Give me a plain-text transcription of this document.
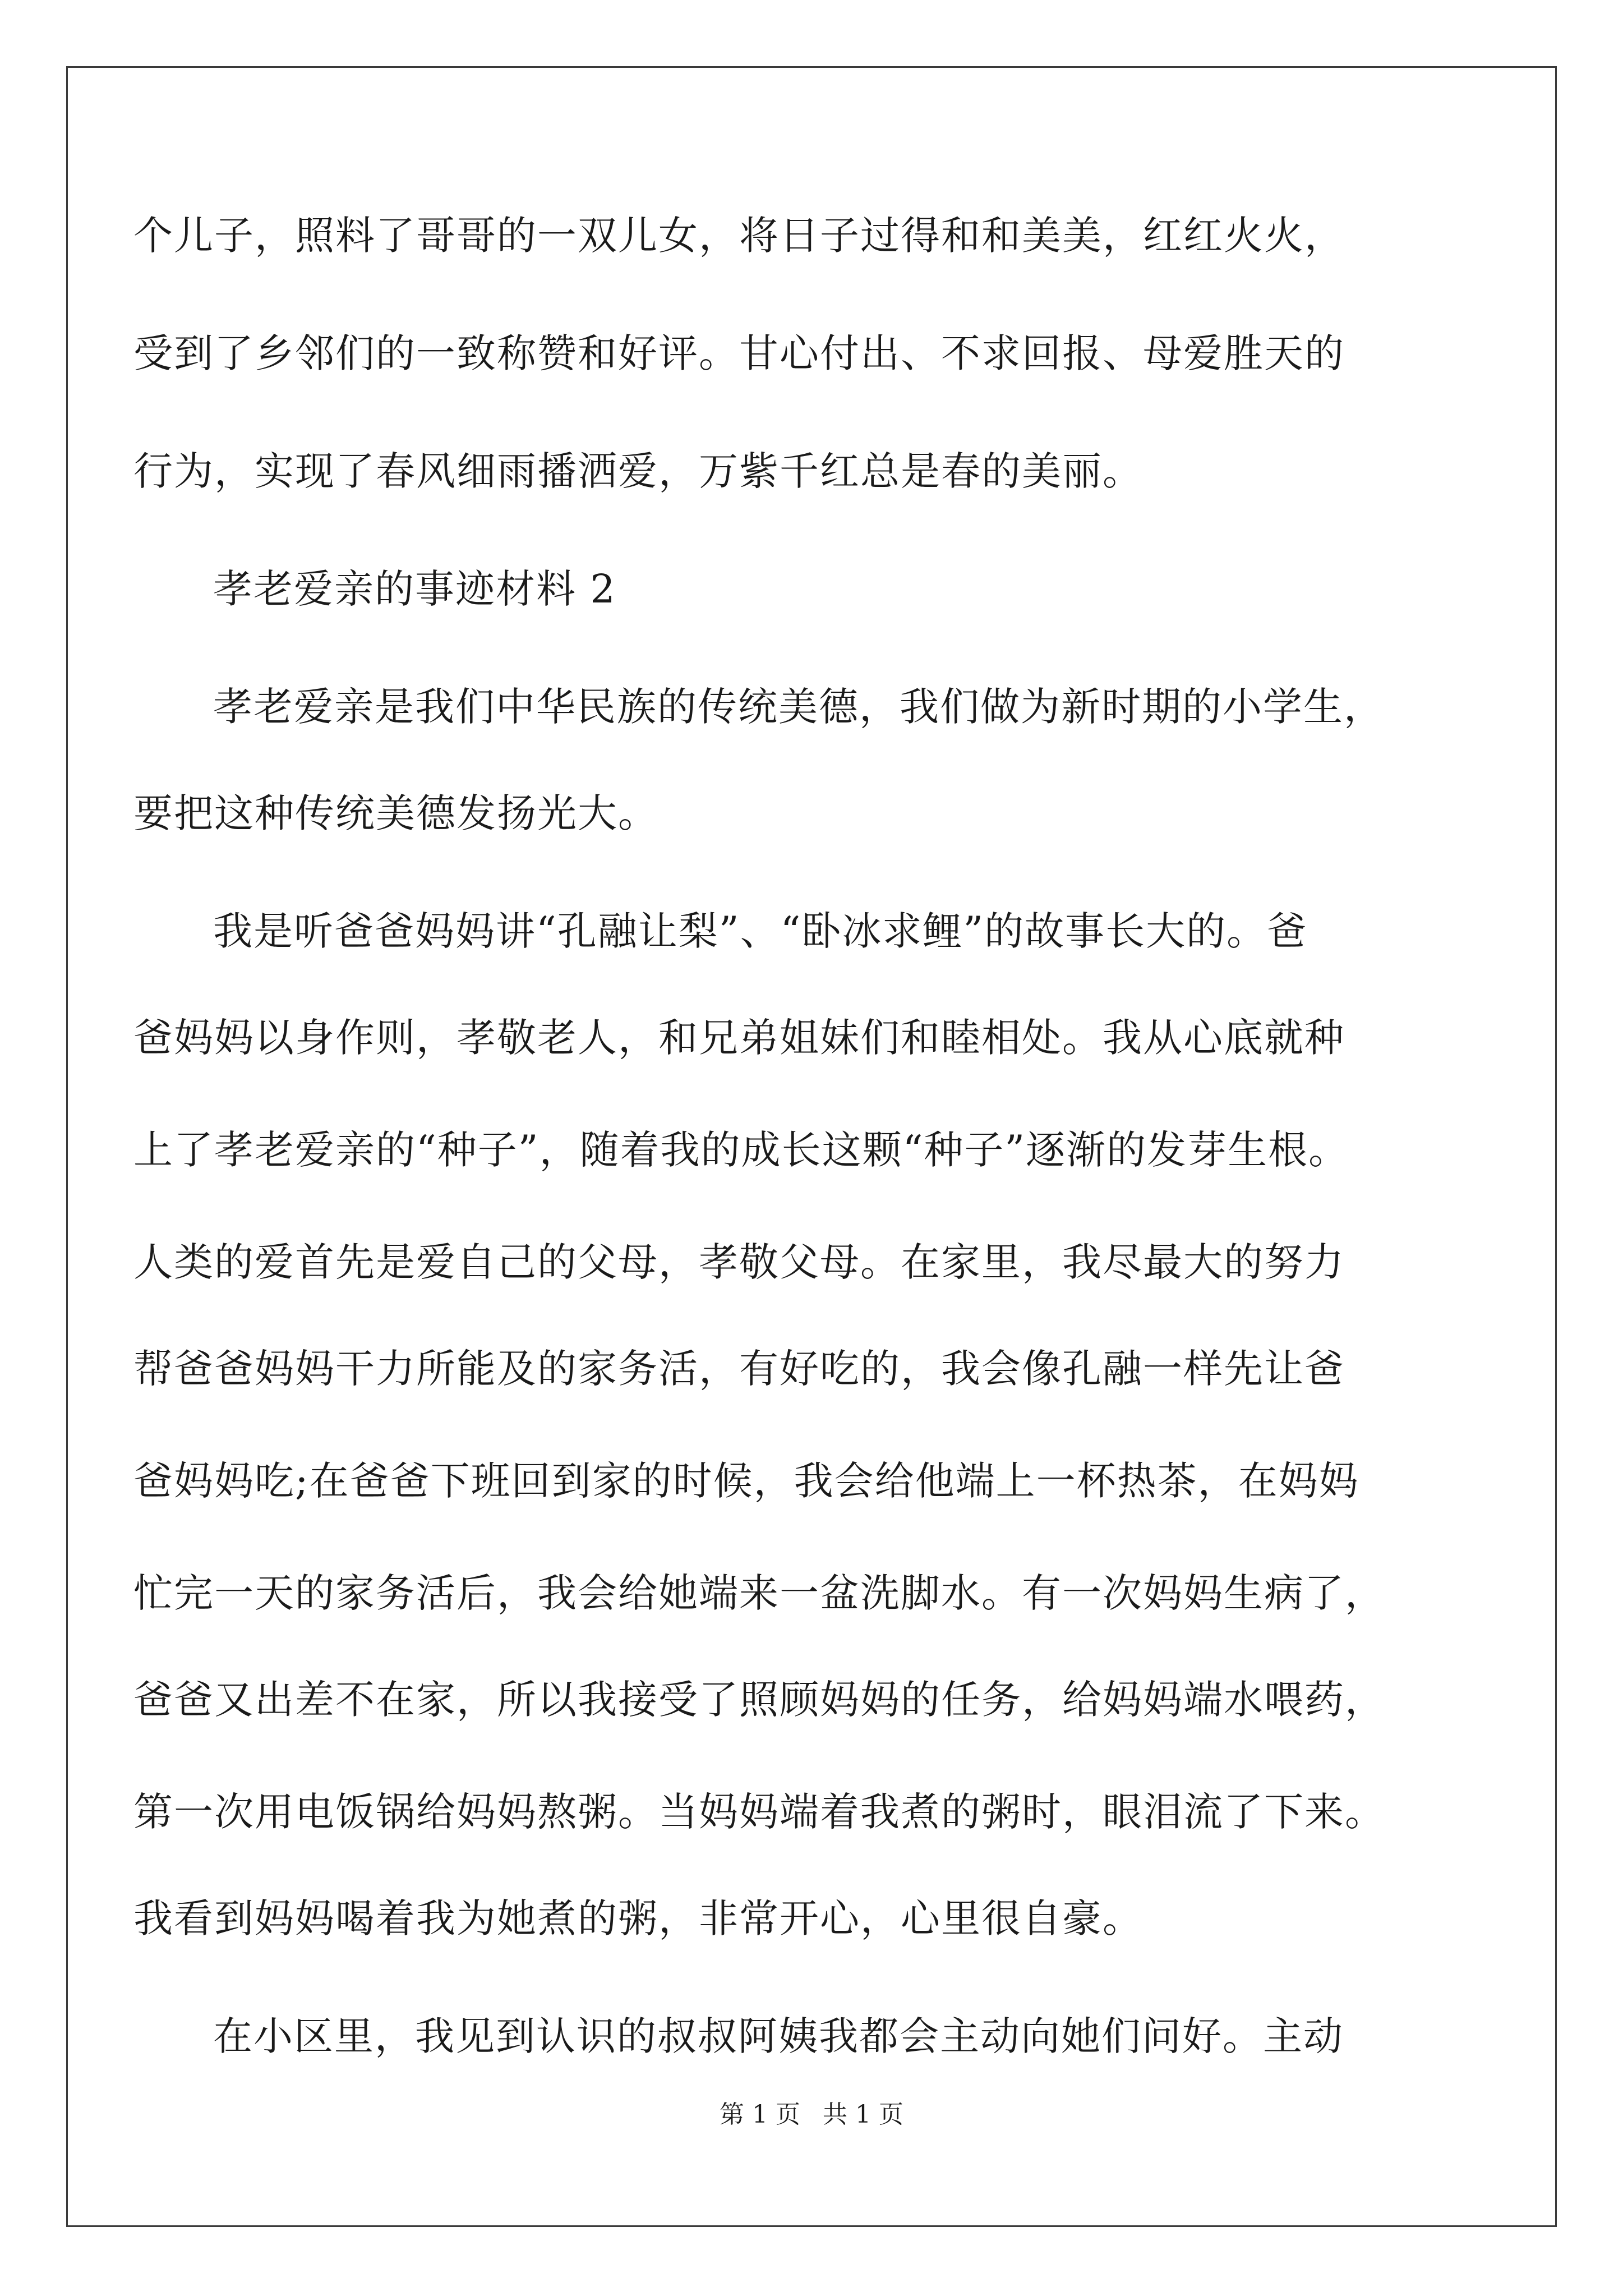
个儿子，照料了哥哥的一双儿女，将日子过得和和美美，红红火火，
受到了乡邻们的一致称赞和好评。甘心付出、不求回报、母爱胜天的
行为，实现了春风细雨播洒爱，万紫千红总是春的美丽。
孝老爱亲的事迹材料 2
孝老爱亲是我们中华民族的传统美德，我们做为新时期的小学生，
要把这种传统美德发扬光大。
我是听爸爸妈妈讲“孔融让梨”、“卧冰求鲤”的故事长大的。爸
爸妈妈以身作则，孝敬老人，和兄弟姐妹们和睦相处。我从心底就种
上了孝老爱亲的“种子”，随着我的成长这颗“种子”逐渐的发芽生根。
人类的爱首先是爱自己的父母，孝敬父母。在家里，我尽最大的努力
帮爸爸妈妈干力所能及的家务活，有好吃的，我会像孔融一样先让爸
爸妈妈吃;在爸爸下班回到家的时候，我会给他端上一杯热茶，在妈妈
忙完一天的家务活后，我会给她端来一盆洗脚水。有一次妈妈生病了，
爸爸又出差不在家，所以我接受了照顾妈妈的任务，给妈妈端水喂药，
第一次用电饭锅给妈妈熬粥。当妈妈端着我煮的粥时，眼泪流了下来。
我看到妈妈喝着我为她煮的粥，非常开心，心里很自豪。
在小区里，我见到认识的叔叔阿姨我都会主动向她们问好。主动
第 1 页 共 1 页
